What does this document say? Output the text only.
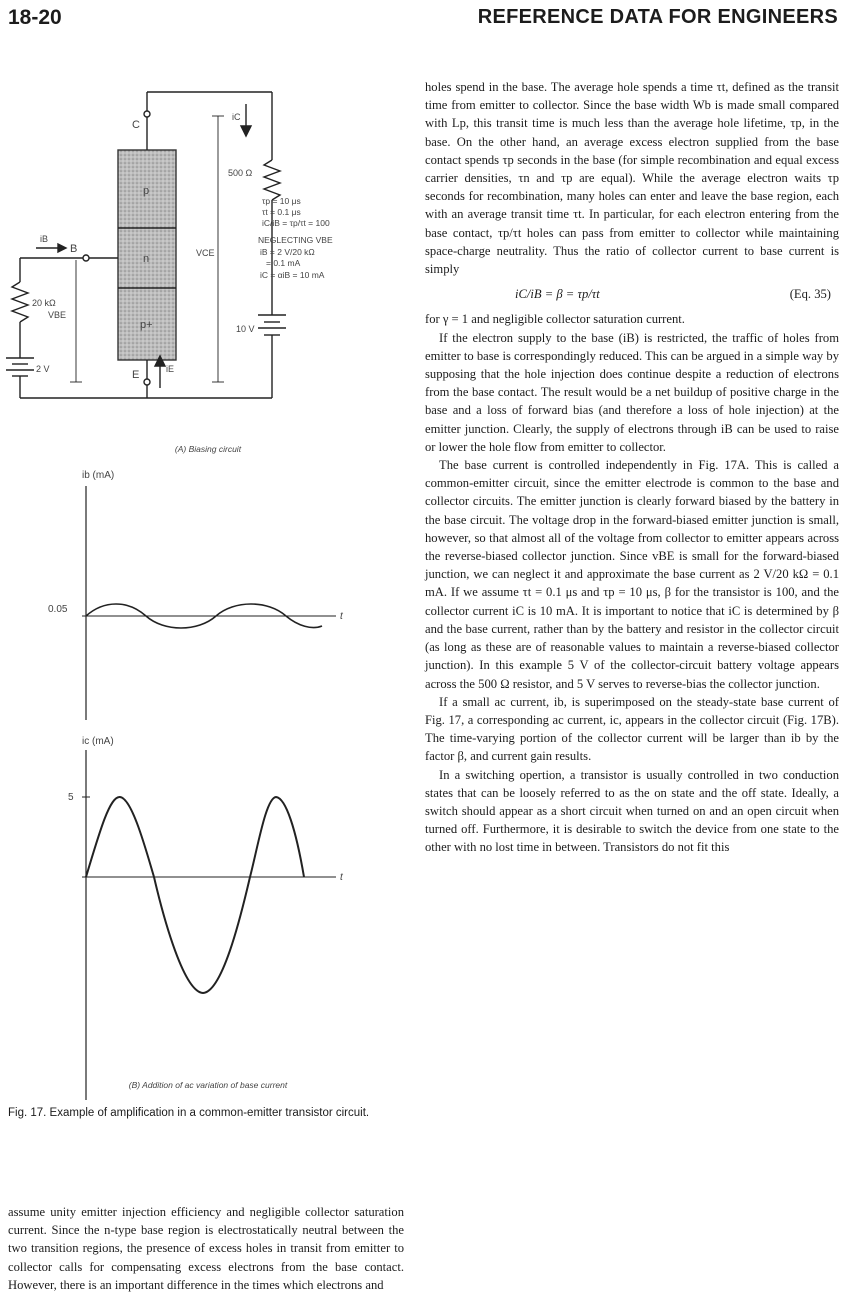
18-20	REFERENCE DATA FOR ENGINEERS
C
B
E
p
n
p+
iC
iB
iE
VCE
VBE
500 Ω
20 kΩ
10 V
2 V
τp = 10 μs
τt = 0.1 μs
iC/iB = τp/τt = 100
NEGLECTING VBE
iB = 2 V/20 kΩ
= 0.1 mA
iC = αiB = 10 mA
(A) Biasing circuit
ib (mA)
0.05
t
ic (mA)
5
t
(B) Addition of ac variation of base current
Fig. 17. Example of amplification in a common-emitter transistor circuit.
assume unity emitter injection efficiency and negligible collector saturation current. Since the n-type base region is electrostatically neutral between the two transition regions, the presence of excess holes in transit from emitter to collector calls for compensating excess electrons from the base contact. However, there is an important difference in the times which electrons and

holes spend in the base. The average hole spends a time τt, defined as the transit time from emitter to collector. Since the base width Wb is made small compared with Lp, this transit time is much less than the average hole lifetime, τp, in the base. On the other hand, an average excess electron supplied from the base contact spends τp seconds in the base (for simple recombination and equal excess carrier densities, τn and τp are equal). While the average electron waits τp seconds for recombination, many holes can enter and leave the base region, each with an average transit time τt. In particular, for each electron entering from the base contact, τp/τt holes can pass from emitter to collector while maintaining space-charge neutrality. Thus the ratio of collector current to base current is simply

iC/iB = β = τp/τt	(Eq. 35)

for γ = 1 and negligible collector saturation current.

If the electron supply to the base (iB) is restricted, the traffic of holes from emitter to base is correspondingly reduced. This can be argued in a simple way by supposing that the hole injection does continue despite a reduction of electrons from the base contact. The result would be a net buildup of positive charge in the base and a loss of forward bias (and therefore a loss of hole injection) at the emitter junction. Clearly, the supply of electrons through iB can be used to raise or lower the hole flow from emitter to collector.

The base current is controlled independently in Fig. 17A. This is called a common-emitter circuit, since the emitter electrode is common to the base and collector circuits. The emitter junction is clearly forward biased by the battery in the base circuit. The voltage drop in the forward-biased emitter junction is small, however, so that almost all of the voltage from collector to emitter appears across the reverse-biased collector junction. Since vBE is small for the forward-biased junction, we can neglect it and approximate the base current as 2 V/20 kΩ = 0.1 mA. If we assume τt = 0.1 μs and τp = 10 μs, β for the transistor is 100, and the collector current iC is 10 mA. It is important to notice that iC is determined by β and the base current, rather than by the battery and resistor in the collector circuit (as long as these are of reasonable values to maintain a reverse-biased collector junction). In this example 5 V of the collector-circuit battery voltage appears across the 500 Ω resistor, and 5 V serves to reverse-bias the collector junction.

If a small ac current, ib, is superimposed on the steady-state base current of Fig. 17, a corresponding ac current, ic, appears in the collector circuit (Fig. 17B). The time-varying portion of the collector current will be larger than ib by the factor β, and current gain results.

In a switching opertion, a transistor is usually controlled in two conduction states that can be loosely referred to as the on state and the off state. Ideally, a switch should appear as a short circuit when turned on and an open circuit when turned off. Furthermore, it is desirable to switch the device from one state to the other with no lost time in between. Transistors do not fit this
